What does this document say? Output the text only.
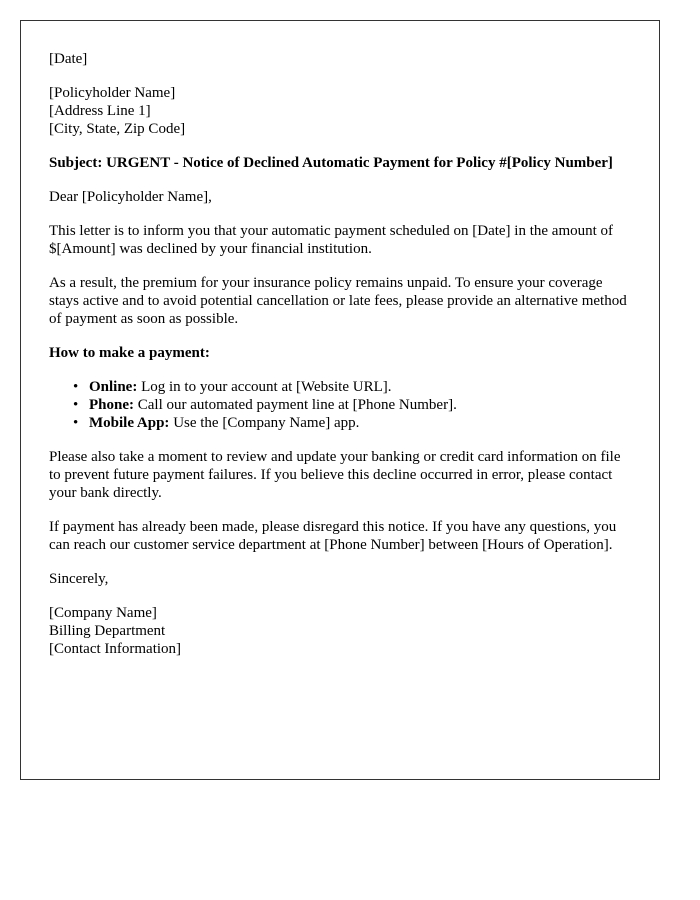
[Date]
[Policyholder Name]
[Address Line 1]
[City, State, Zip Code]

Subject: URGENT - Notice of Declined Automatic Payment for Policy #[Policy Number]

Dear [Policyholder Name],

This letter is to inform you that your automatic payment scheduled on [Date] in the amount of $[Amount] was declined by your financial institution.

As a result, the premium for your insurance policy remains unpaid. To ensure your coverage stays active and to avoid potential cancellation or late fees, please provide an alternative method of payment as soon as possible.

How to make a payment:
• Online: Log in to your account at [Website URL].
• Phone: Call our automated payment line at [Phone Number].
• Mobile App: Use the [Company Name] app.

Please also take a moment to review and update your banking or credit card information on file to prevent future payment failures. If you believe this decline occurred in error, please contact your bank directly.

If payment has already been made, please disregard this notice. If you have any questions, you can reach our customer service department at [Phone Number] between [Hours of Operation].

Sincerely,

[Company Name]
Billing Department
[Contact Information]
